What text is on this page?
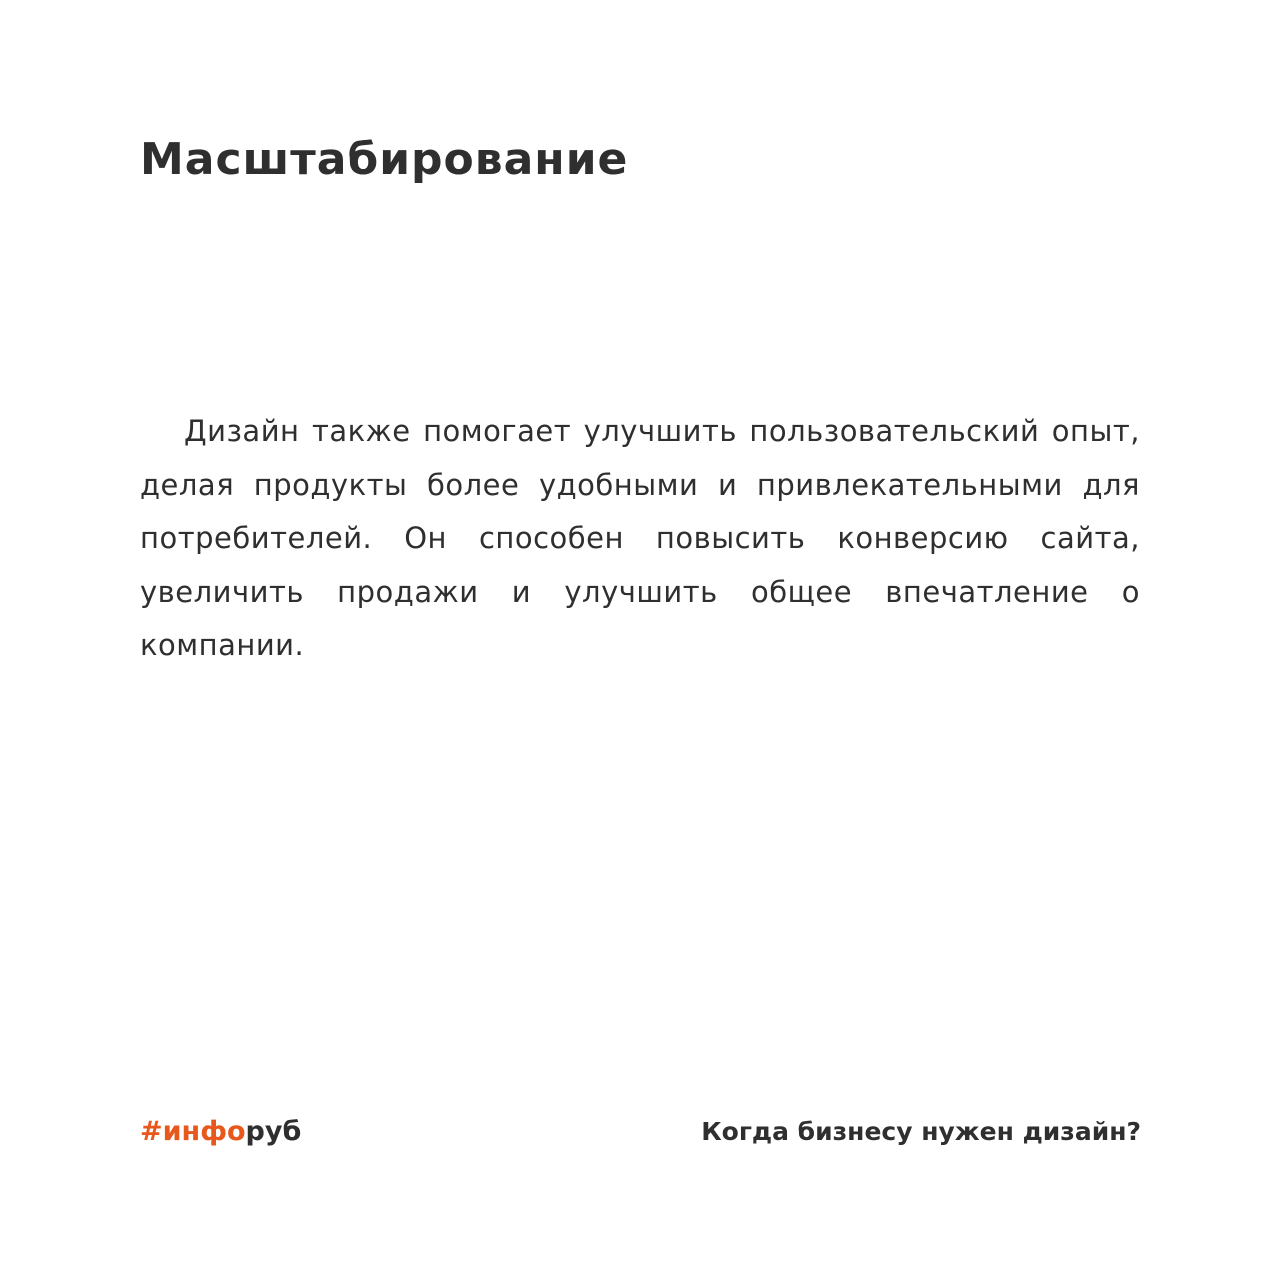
Масштабирование

Дизайн также помогает улучшить пользовательский опыт, делая продукты более удобными и привлекательными для потребителей. Он способен повысить конверсию сайта, увеличить продажи и улучшить общее впечатление о компании.

#инфоруб	Когда бизнесу нужен дизайн?
